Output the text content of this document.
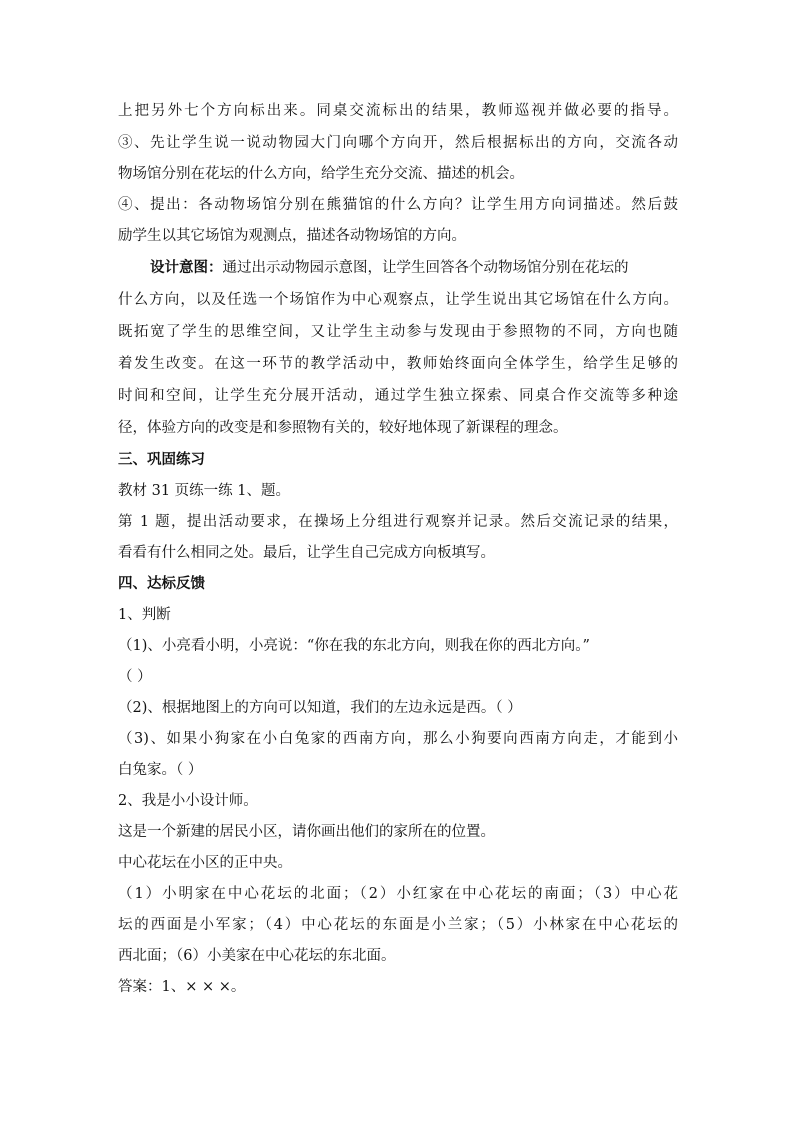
上把另外七个方向标出来。同桌交流标出的结果，教师巡视并做必要的指导。
③、先让学生说一说动物园大门向哪个方向开，然后根据标出的方向，交流各动
物场馆分别在花坛的什么方向，给学生充分交流、描述的机会。
④、提出：各动物场馆分别在熊猫馆的什么方向？让学生用方向词描述。然后鼓
励学生以其它场馆为观测点，描述各动物场馆的方向。
设计意图：通过出示动物园示意图，让学生回答各个动物场馆分别在花坛的
什么方向，以及任选一个场馆作为中心观察点，让学生说出其它场馆在什么方向。
既拓宽了学生的思维空间，又让学生主动参与发现由于参照物的不同，方向也随
着发生改变。在这一环节的教学活动中，教师始终面向全体学生，给学生足够的
时间和空间，让学生充分展开活动，通过学生独立探索、同桌合作交流等多种途
径，体验方向的改变是和参照物有关的，较好地体现了新课程的理念。
三、巩固练习
教材 31 页练一练 1、题。
第 1 题，提出活动要求，在操场上分组进行观察并记录。然后交流记录的结果，
看看有什么相同之处。最后，让学生自己完成方向板填写。
四、达标反馈
1、判断
（1)、小亮看小明，小亮说：“你在我的东北方向，则我在你的西北方向。”
（ ）
（2)、根据地图上的方向可以知道，我们的左边永远是西。（ ）
（3)、如果小狗家在小白兔家的西南方向，那么小狗要向西南方向走，才能到小
白兔家。（ ）
2、我是小小设计师。
这是一个新建的居民小区，请你画出他们的家所在的位置。
中心花坛在小区的正中央。
（1）小明家在中心花坛的北面；（2）小红家在中心花坛的南面；（3）中心花
坛的西面是小军家；（4）中心花坛的东面是小兰家；（5）小林家在中心花坛的
西北面；（6）小美家在中心花坛的东北面。
答案：1、× × ×。
